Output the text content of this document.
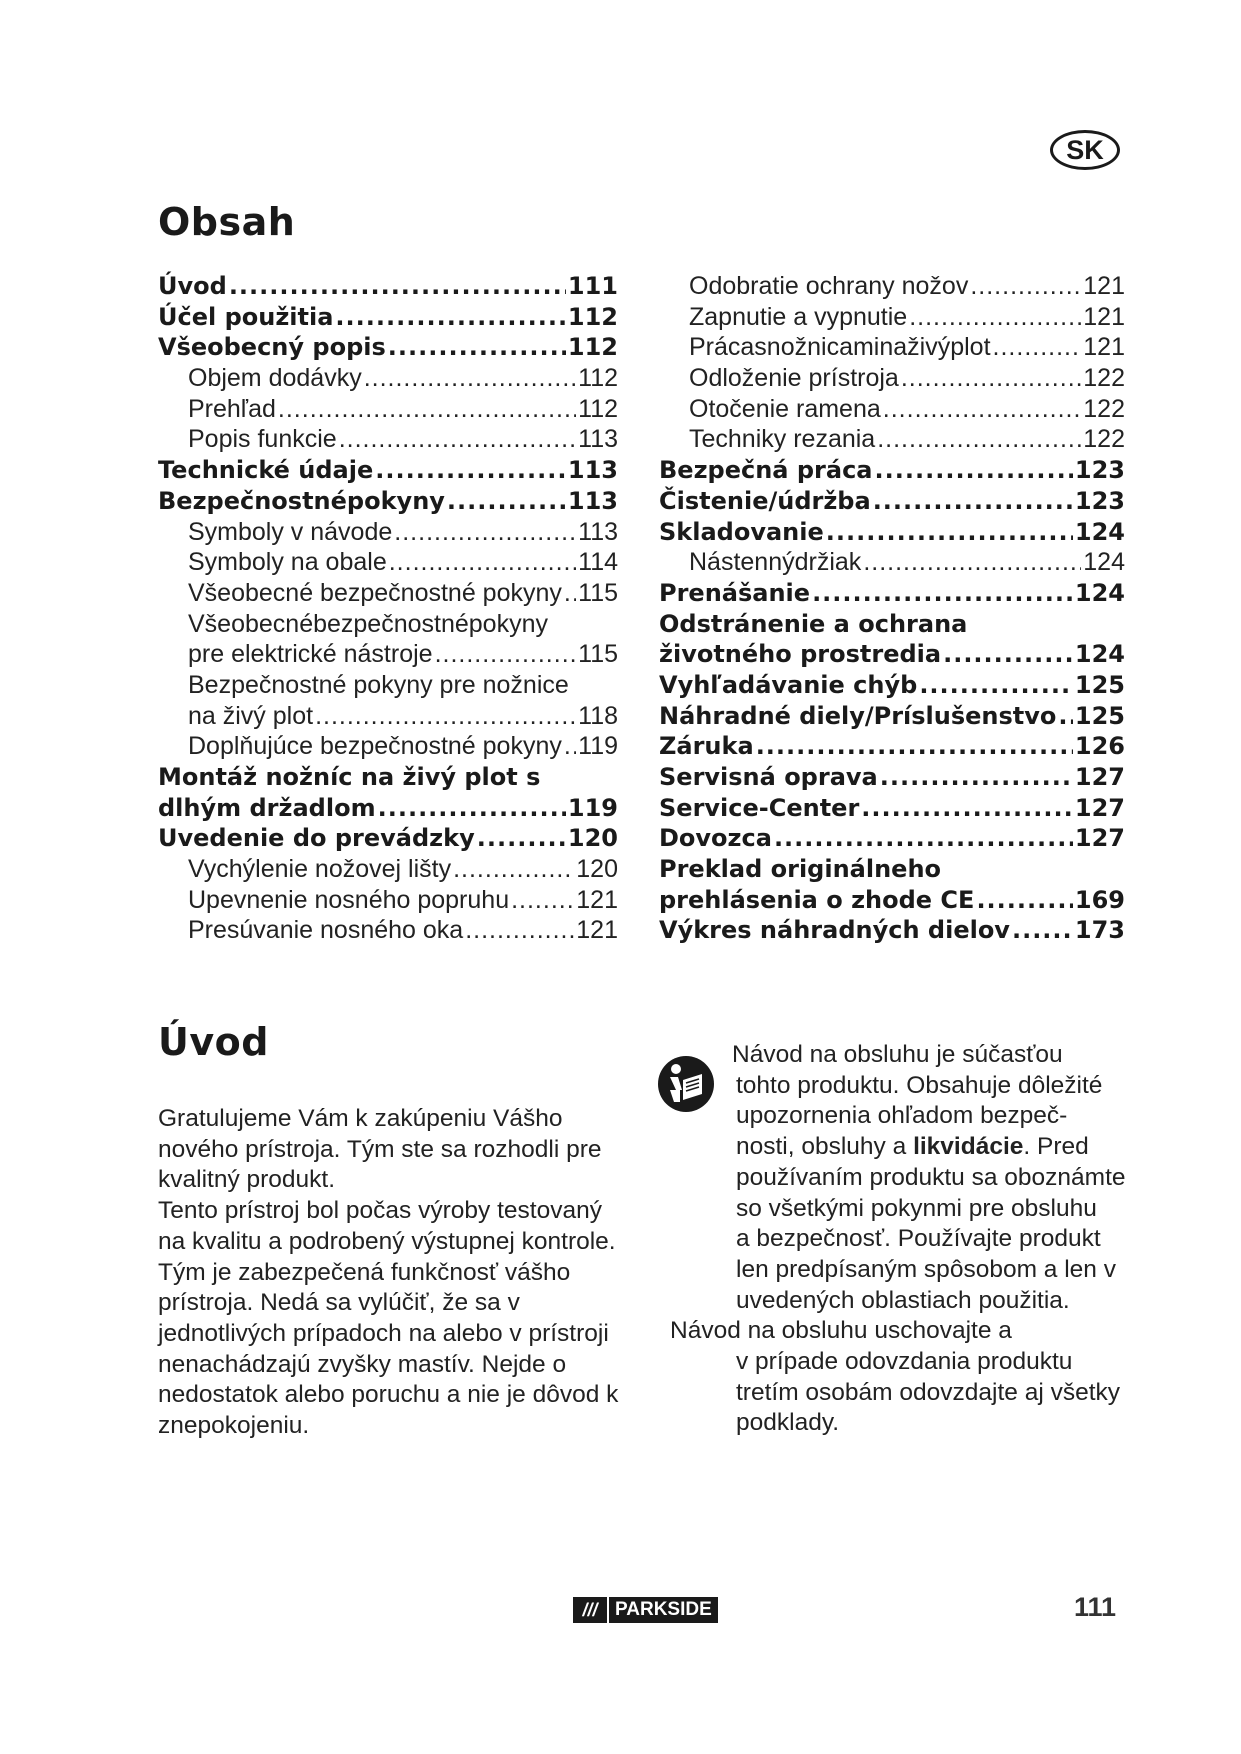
SK
Obsah
Úvod .....	111
Účel použitia .....	112
Všeobecný popis .....	112
Objem dodávky .....	112
Prehľad .....	112
Popis funkcie .....	113
Technické údaje .....	113
Bezpečnostnépokyny .....	113
Symboly v návode .....	113
Symboly na obale .....	114
Všeobecné bezpečnostné pokyny ..... 115
Všeobecnébezpečnostnépokyny
pre elektrické nástroje .....	115
Bezpečnostné pokyny pre nožnice
na živý plot .....	118
Doplňujúce bezpečnostné pokyny ..... 119
Montáž nožníc na živý plot s
dlhým držadlom .....	119
Uvedenie do prevádzky .....	120
Vychýlenie nožovej lišty .....	120
Upevnenie nosného popruhu .....	121
Presúvanie nosného oka .....	121
Odobratie ochrany nožov .....	121
Zapnutie a vypnutie .....	121
Prácasnožnicaminaživýplot .....	121
Odloženie prístroja .....	122
Otočenie ramena .....	122
Techniky rezania .....	122
Bezpečná práca .....	123
Čistenie/údržba .....	123
Skladovanie .....	124
Nástennýdržiak .....	124
Prenášanie .....	124
Odstránenie a ochrana
životného prostredia .....	124
Vyhľadávanie chýb .....	125
Náhradné diely/Príslušenstvo ..... 125
Záruka .....	126
Servisná oprava .....	127
Service-Center .....	127
Dovozca .....	127
Preklad originálneho
prehlásenia o zhode CE .....	169
Výkres náhradných dielov .....	173
Úvod

Gratulujeme Vám k zakúpeniu Vášho nového prístroja. Tým ste sa rozhodli pre kvalitný produkt.

Tento prístroj bol počas výroby testovaný na kvalitu a podrobený výstupnej kontrole. Tým je zabezpečená funkčnosť vášho prístroja. Nedá sa vylúčiť, že sa v jednotlivých prípadoch na alebo v prístroji nenachádzajú zvyšky mastív. Nejde o nedostatok alebo poruchu a nie je dôvod k znepokojeniu.

Návod na obsluhu je súčasťou
tohto produktu. Obsahuje dôležité
upozornenia ohľadom bezpeč-
nosti, obsluhy a likvidácie. Pred
používaním produktu sa oboznámte
so všetkými pokynmi pre obsluhu
a bezpečnosť. Používajte produkt
len predpísaným spôsobom a len v
uvedených oblastiach použitia.
Návod na obsluhu uschovajte a
v prípade odovzdania produktu
tretím osobám odovzdajte aj všetky
podklady.
/// PARKSIDE	111
